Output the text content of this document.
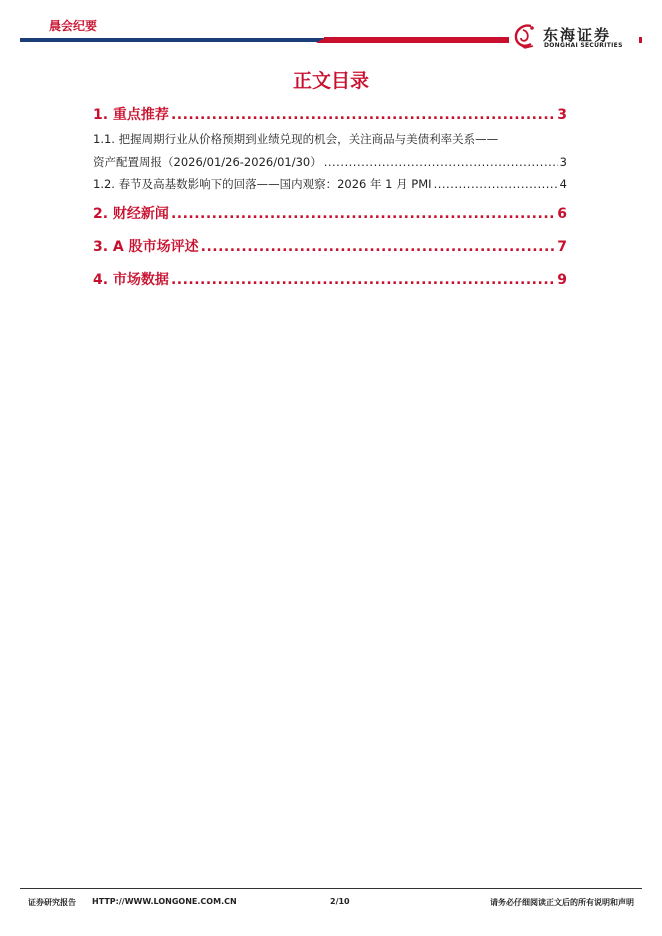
晨会纪要	东海证券
DONGHAI SECURITIES
正文目录
1. 重点推荐 .....	3
1.1. 把握周期行业从价格预期到业绩兑现的机会，关注商品与美债利率关系——
资产配置周报（2026/01/26-2026/01/30） .....	3
1.2. 春节及高基数影响下的回落——国内观察：2026 年 1 月 PMI .....	4
2. 财经新闻 .....	6
3. A 股市场评述 .....	7
4. 市场数据 .....	9
证券研究报告 HTTP://WWW.LONGONE.COM.CN	2/10	请务必仔细阅读正文后的所有说明和声明
